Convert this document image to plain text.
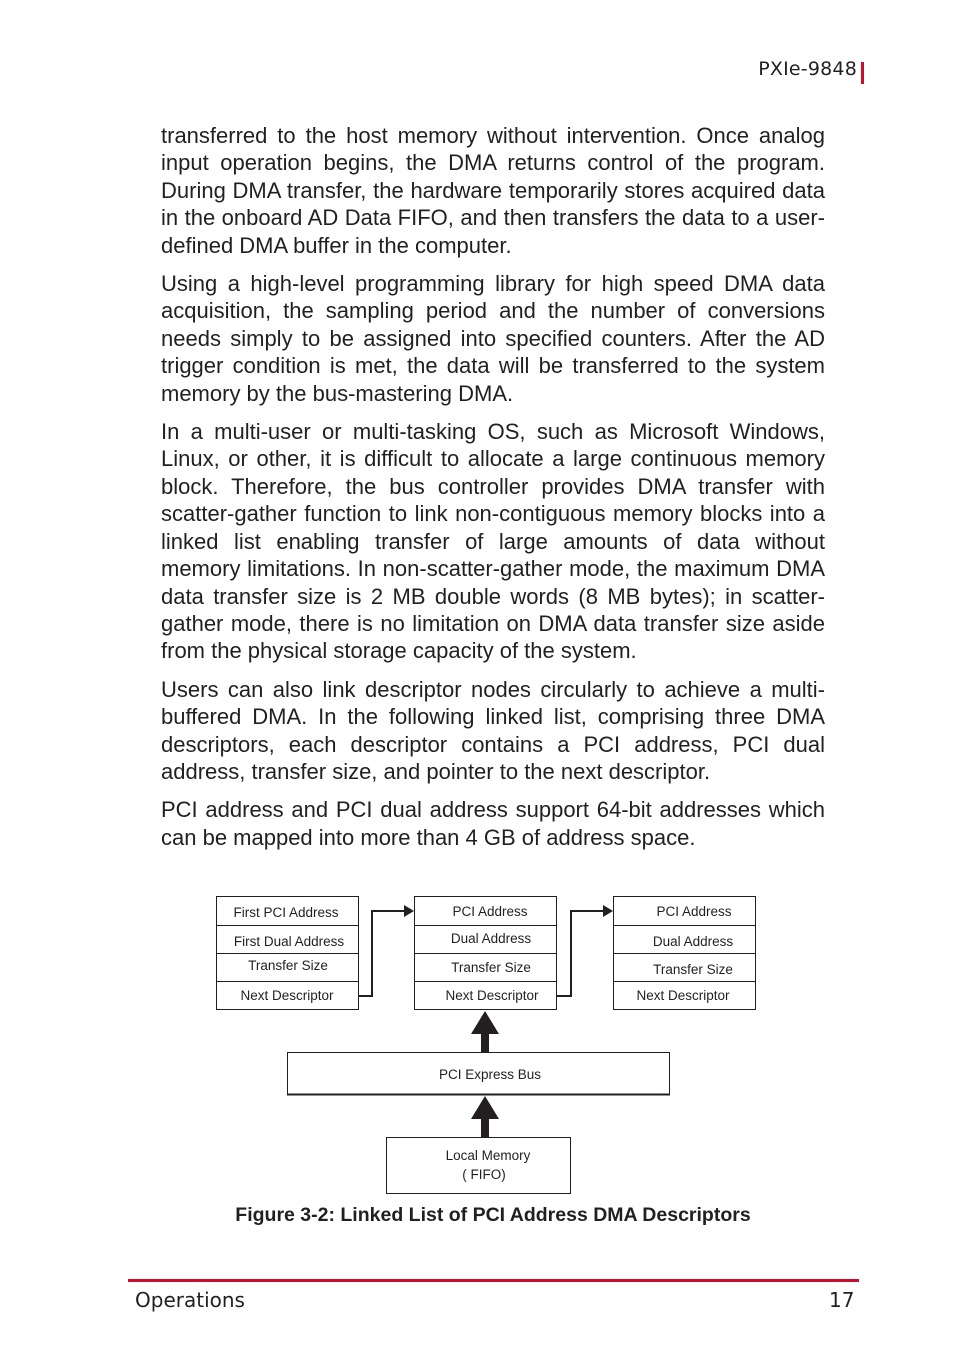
PXIe-9848

transferred to the host memory without intervention. Once analog input operation begins, the DMA returns control of the program. During DMA transfer, the hardware temporarily stores acquired data in the onboard AD Data FIFO, and then transfers the data to a user-defined DMA buffer in the computer.

Using a high-level programming library for high speed DMA data acquisition, the sampling period and the number of conversions needs simply to be assigned into specified counters. After the AD trigger condition is met, the data will be transferred to the system memory by the bus-mastering DMA.

In a multi-user or multi-tasking OS, such as Microsoft Windows, Linux, or other, it is difficult to allocate a large continuous memory block. Therefore, the bus controller provides DMA transfer with scatter-gather function to link non-contiguous memory blocks into a linked list enabling transfer of large amounts of data without memory limitations. In non-scatter-gather mode, the maximum DMA data transfer size is 2 MB double words (8 MB bytes); in scatter-gather mode, there is no limitation on DMA data transfer size aside from the physical storage capacity of the system.

Users can also link descriptor nodes circularly to achieve a multi-buffered DMA. In the following linked list, comprising three DMA descriptors, each descriptor contains a PCI address, PCI dual address, transfer size, and pointer to the next descriptor.

PCI address and PCI dual address support 64-bit addresses which can be mapped into more than 4 GB of address space.

First PCI Address
First Dual Address
Transfer Size
Next Descriptor
PCI Address
Dual Address
Transfer Size
Next Descriptor
PCI Address
Dual Address
Transfer Size
Next Descriptor
PCI Express Bus
Local Memory
( FIFO)
Figure 3-2: Linked List of PCI Address DMA Descriptors
Operations	17
